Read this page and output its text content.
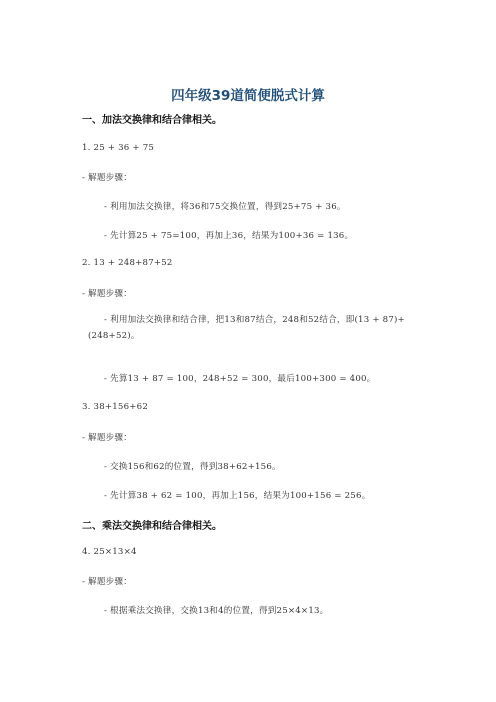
四年级39道简便脱式计算
一、加法交换律和结合律相关。
1. 25 + 36 + 75
- 解题步骤：
- 利用加法交换律，将36和75交换位置，得到25+75 + 36。
- 先计算25 + 75=100，再加上36，结果为100+36 = 136。
2. 13 + 248+87+52
- 解题步骤：
- 利用加法交换律和结合律，把13和87结合，248和52结合，即(13 + 87)+(248+52)。
- 先算13 + 87 = 100，248+52 = 300，最后100+300 = 400。
3. 38+156+62
- 解题步骤：
- 交换156和62的位置，得到38+62+156。
- 先计算38 + 62 = 100，再加上156，结果为100+156 = 256。
二、乘法交换律和结合律相关。
4. 25×13×4
- 解题步骤：
- 根据乘法交换律，交换13和4的位置，得到25×4×13。
